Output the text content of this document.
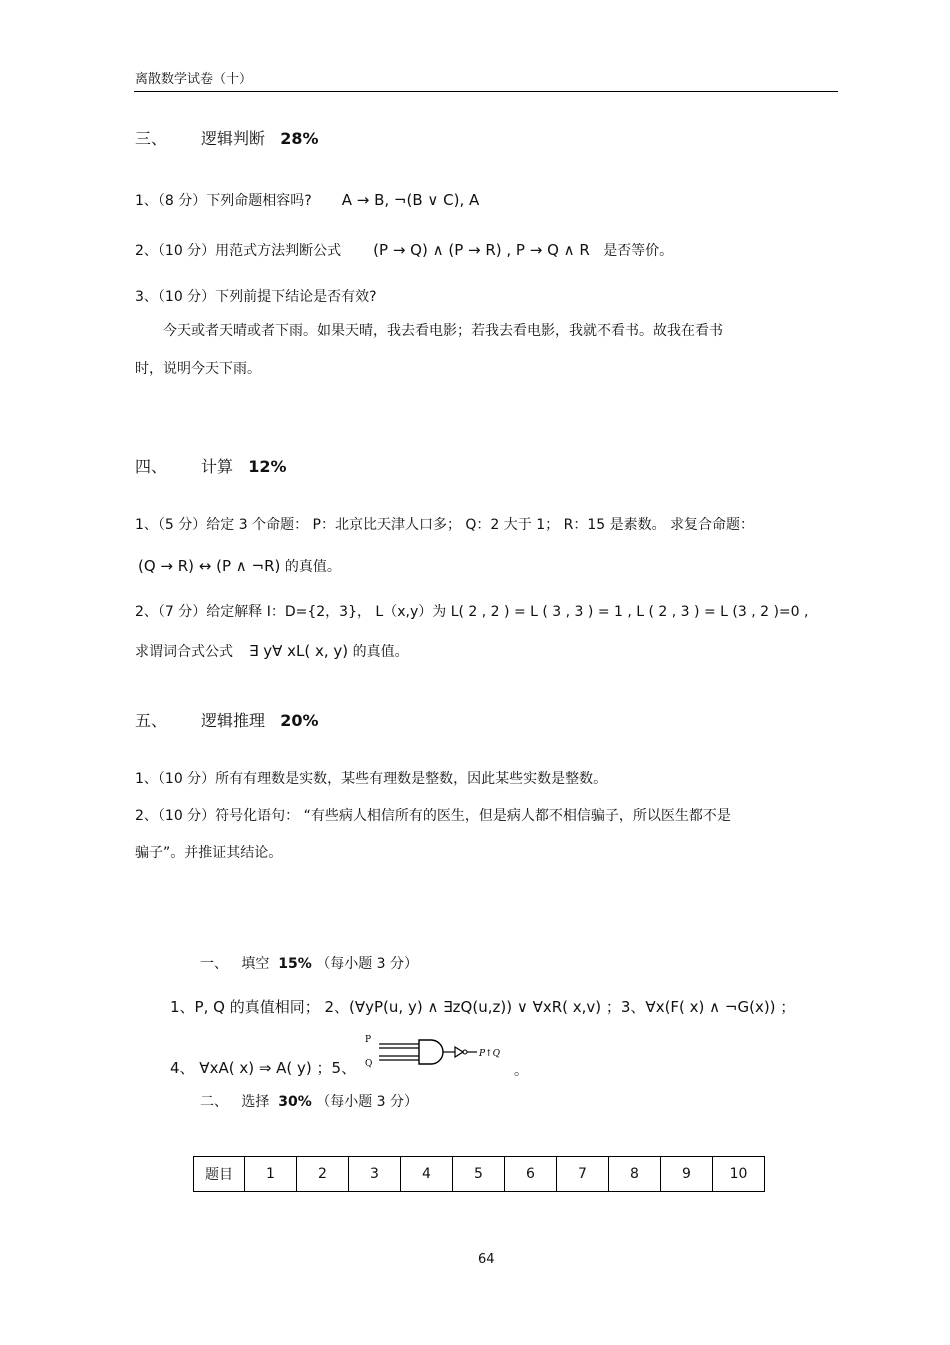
离散数学试卷（十）
三、 逻辑判断 28%
1、（8 分）下列命题相容吗? A → B, ¬(B ∨ C), A
2、（10 分）用范式方法判断公式 (P → Q) ∧ (P → R) , P → Q ∧ R 是否等价。
3、（10 分）下列前提下结论是否有效?
今天或者天晴或者下雨。如果天晴，我去看电影；若我去看电影，我就不看书。故我在看书
时，说明今天下雨。
四、 计算 12%
1、（5 分）给定 3 个命题： P：北京比天津人口多； Q：2 大于 1； R：15 是素数。 求复合命题：
(Q → R) ↔ (P ∧ ¬R) 的真值。
2、（7 分）给定解释 I：D={2，3}， L（x,y）为 L( 2 , 2 ) = L ( 3 , 3 ) = 1 , L ( 2 , 3 ) = L (3 , 2 )=0 ,
求谓词合式公式 ∃ y∀ xL( x, y) 的真值。
五、 逻辑推理 20%
1、（10 分）所有有理数是实数，某些有理数是整数，因此某些实数是整数。
2、（10 分）符号化语句： “有些病人相信所有的医生，但是病人都不相信骗子，所以医生都不是
骗子”。并推证其结论。
一、 填空 15% （每小题 3 分）
1、P, Q 的真值相同； 2、(∀yP(u, y) ∧ ∃zQ(u,z)) ∨ ∀xR( x,v) ；3、∀x(F( x) ∧ ¬G(x)) ；
4、 ∀xA( x) ⇒ A( y) ；5、
P
Q
P↑Q
。
二、 选择 30% （每小题 3 分）
题目	1	2	3	4	5	6	7	8	9	10
64
